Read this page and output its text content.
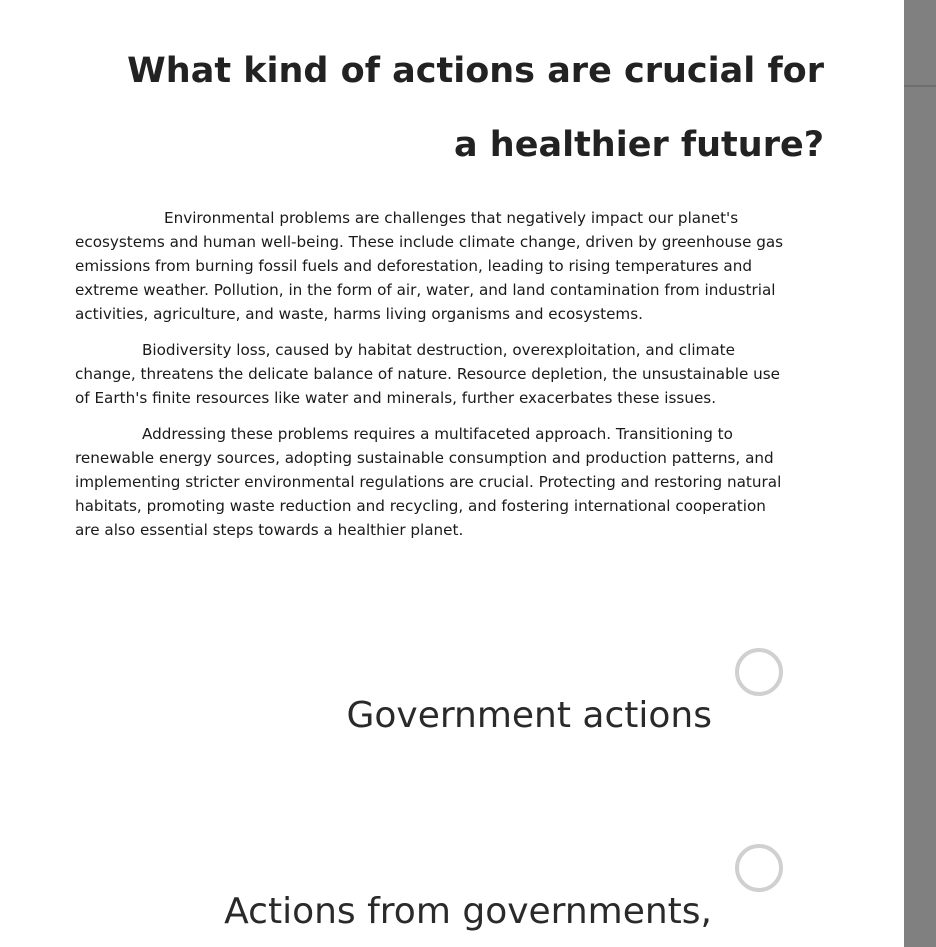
What kind of actions are crucial for a healthier future?

Environmental problems are challenges that negatively impact our planet's ecosystems and human well-being. These include climate change, driven by greenhouse gas emissions from burning fossil fuels and deforestation, leading to rising temperatures and extreme weather. Pollution, in the form of air, water, and land contamination from industrial activities, agriculture, and waste, harms living organisms and ecosystems.

Biodiversity loss, caused by habitat destruction, overexploitation, and climate change, threatens the delicate balance of nature. Resource depletion, the unsustainable use of Earth's finite resources like water and minerals, further exacerbates these issues.

Addressing these problems requires a multifaceted approach. Transitioning to renewable energy sources, adopting sustainable consumption and production patterns, and implementing stricter environmental regulations are crucial. Protecting and restoring natural habitats, promoting waste reduction and recycling, and fostering international cooperation are also essential steps towards a healthier planet.

Government actions
Actions from governments,
